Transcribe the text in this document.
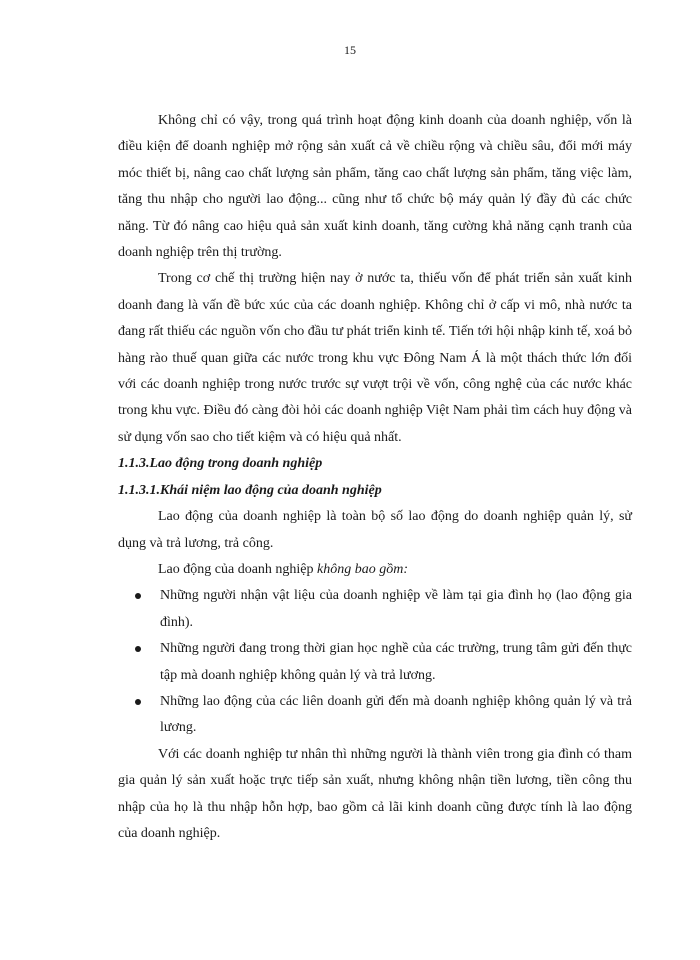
15

Không chỉ có vậy, trong quá trình hoạt động kinh doanh của doanh nghiệp, vốn là điều kiện để doanh nghiệp mở rộng sản xuất cả về chiều rộng và chiều sâu, đổi mới máy móc thiết bị, nâng cao chất lượng sản phẩm, tăng cao chất lượng sản phẩm, tăng việc làm, tăng thu nhập cho người lao động... cũng như tổ chức bộ máy quản lý đầy đủ các chức năng. Từ đó nâng cao hiệu quả sản xuất kinh doanh, tăng cường khả năng cạnh tranh của doanh nghiệp trên thị trường.

Trong cơ chế thị trường hiện nay ở nước ta, thiếu vốn để phát triển sản xuất kinh doanh đang là vấn đề bức xúc của các doanh nghiệp. Không chỉ ở cấp vi mô, nhà nước ta đang rất thiếu các nguồn vốn cho đầu tư phát triển kinh tế. Tiến tới hội nhập kinh tế, xoá bỏ hàng rào thuế quan giữa các nước trong khu vực Đông Nam Á là một thách thức lớn đối với các doanh nghiệp trong nước trước sự vượt trội về vốn, công nghệ của các nước khác trong khu vực. Điều đó càng đòi hỏi các doanh nghiệp Việt Nam phải tìm cách huy động và sử dụng vốn sao cho tiết kiệm và có hiệu quả nhất.

1.1.3.Lao động trong doanh nghiệp

1.1.3.1.Khái niệm lao động của doanh nghiệp

Lao động của doanh nghiệp là toàn bộ số lao động do doanh nghiệp quản lý, sử dụng và trả lương, trả công.

Lao động của doanh nghiệp không bao gồm:

Những người nhận vật liệu của doanh nghiệp về làm tại gia đình họ (lao động gia đình).
Những người đang trong thời gian học nghề của các trường, trung tâm gửi đến thực tập mà doanh nghiệp không quản lý và trả lương.
Những lao động của các liên doanh gửi đến mà doanh nghiệp không quản lý và trả lương.

Với các doanh nghiệp tư nhân thì những người là thành viên trong gia đình có tham gia quản lý sản xuất hoặc trực tiếp sản xuất, nhưng không nhận tiền lương, tiền công thu nhập của họ là thu nhập hỗn hợp, bao gồm cả lãi kinh doanh cũng được tính là lao động của doanh nghiệp.
